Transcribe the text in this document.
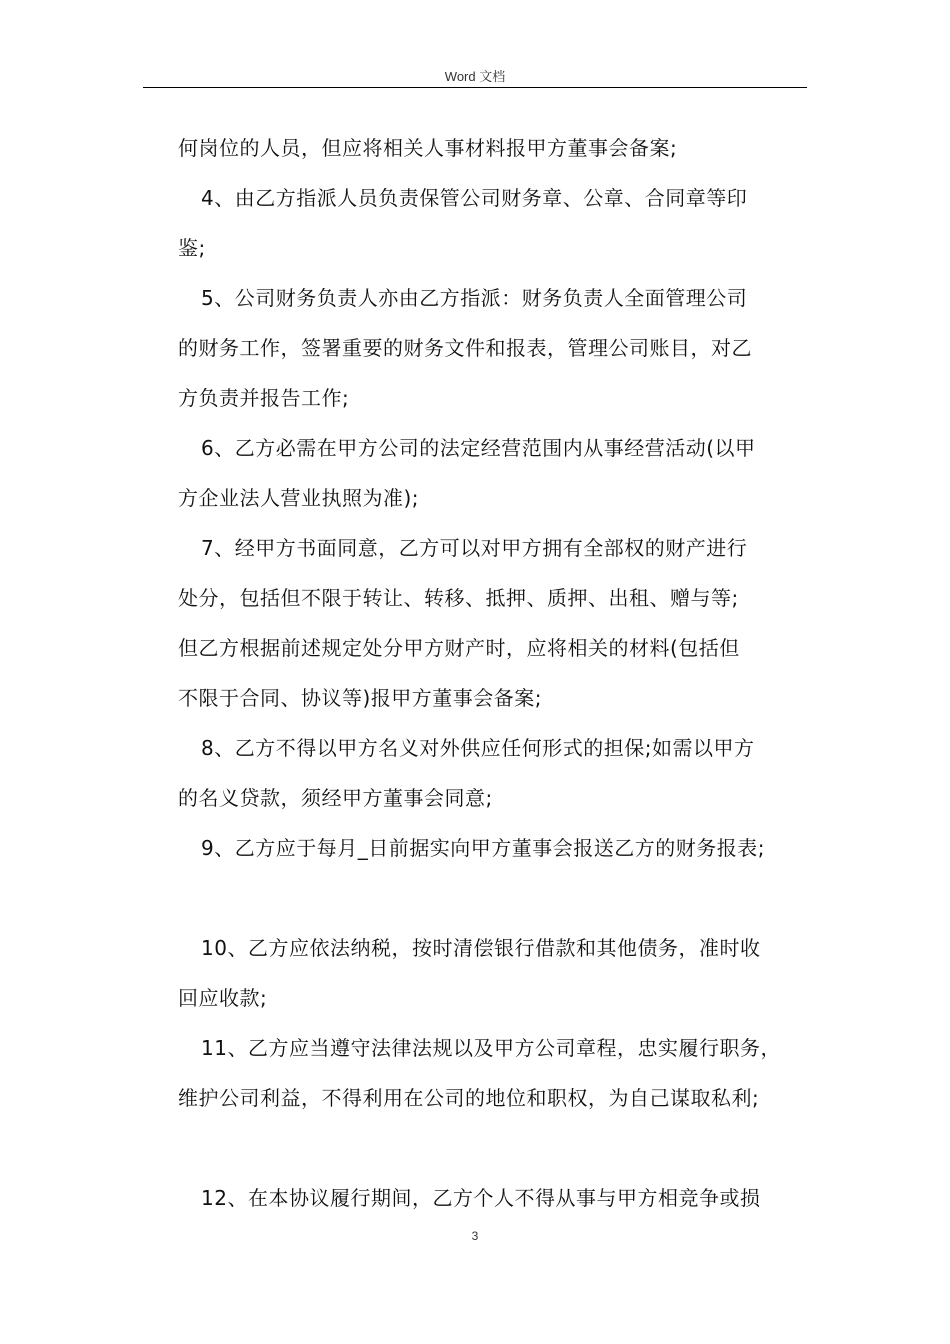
Word 文档
何岗位的人员，但应将相关人事材料报甲方董事会备案;
4、由乙方指派人员负责保管公司财务章、公章、合同章等印
鉴;
5、公司财务负责人亦由乙方指派：财务负责人全面管理公司
的财务工作，签署重要的财务文件和报表，管理公司账目，对乙
方负责并报告工作;
6、乙方必需在甲方公司的法定经营范围内从事经营活动(以甲
方企业法人营业执照为准);
7、经甲方书面同意，乙方可以对甲方拥有全部权的财产进行
处分，包括但不限于转让、转移、抵押、质押、出租、赠与等;
但乙方根据前述规定处分甲方财产时，应将相关的材料(包括但
不限于合同、协议等)报甲方董事会备案;
8、乙方不得以甲方名义对外供应任何形式的担保;如需以甲方
的名义贷款，须经甲方董事会同意;
9、乙方应于每月_日前据实向甲方董事会报送乙方的财务报表;
10、乙方应依法纳税，按时清偿银行借款和其他债务，准时收
回应收款;
11、乙方应当遵守法律法规以及甲方公司章程，忠实履行职务，
维护公司利益，不得利用在公司的地位和职权，为自己谋取私利;
12、在本协议履行期间，乙方个人不得从事与甲方相竞争或损
3
